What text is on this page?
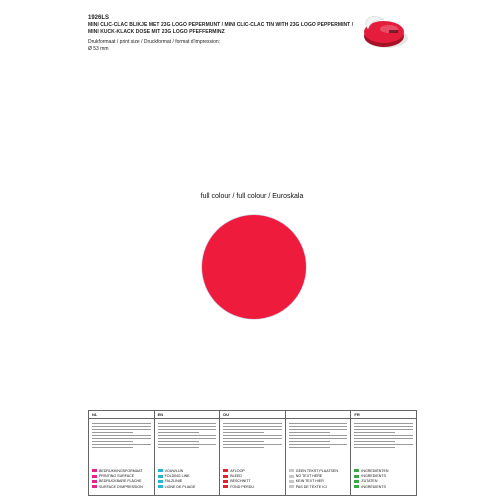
1926LS
MINI CLIC-CLAC BLIKJE MET 23G LOGO PEPERMUNT / MINI CLIC-CLAC TIN WITH 23G LOGO PEPPERMINT /
MINI KUCK-KLACK DOSE MIT 23G LOGO PFEFFERMINZ
Drukformaat / print size / Druckformat / format d'impression:
Ø 53 mm
full colour / full colour / Euroskala
NL
BEDRUKKINGSFORMAAT
PRINTING SURFACE
BEDRUCKBARE FLÄCHE
SURFACE D'IMPRESSION
EN
VOUWLIJN
FOLDING LINE
FALZLINIE
LIGNE DE PLIAGE
DU
AFLOOP
BLEED
BESCHNITT
FOND PERDU
GEEN TEKST PLAATSEN
NO TEXT HERE
KEIN TEXT HIER
PAS DE TEXTE ICI
FR
INGREDIËNTEN
INGREDIENTS
ZUTATEN
INGRÉDIENTS
